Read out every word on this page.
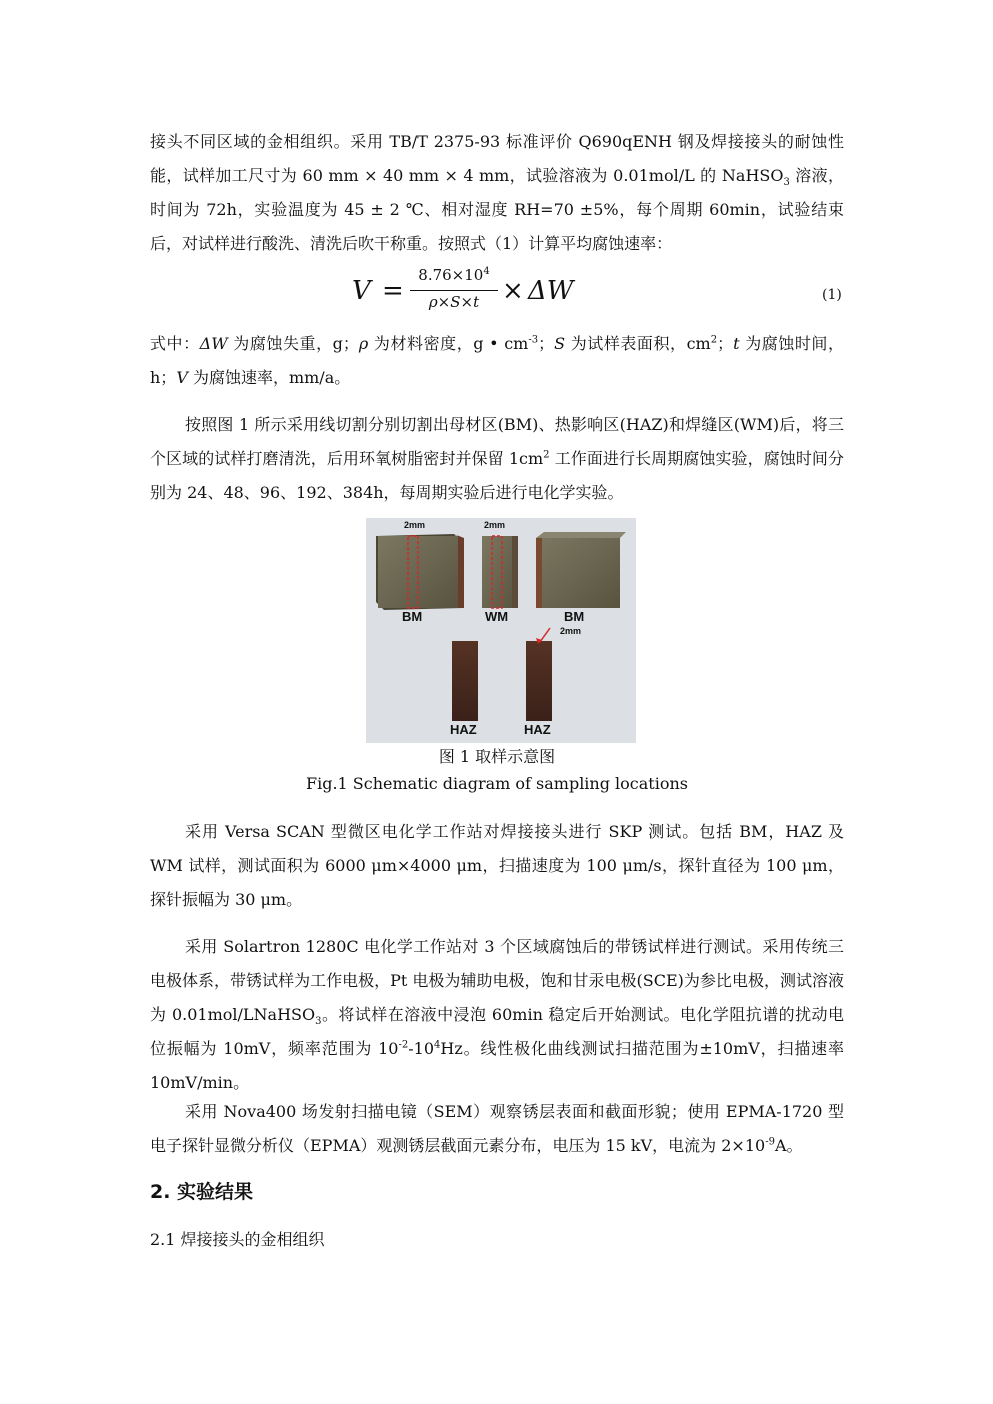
接头不同区域的金相组织。采用 TB/T 2375-93 标准评价 Q690qENH 钢及焊接接头的耐蚀性能，试样加工尺寸为 60 mm × 40 mm × 4 mm，试验溶液为 0.01mol/L 的 NaHSO$_3$ 溶液，时间为 72h，实验温度为 45 ± 2 ℃、相对湿度 RH=70 ±5%，每个周期 60min，试验结束后，对试样进行酸洗、清洗后吹干称重。按照式（1）计算平均腐蚀速率：

V =
$8.76\times 10^4$
ρ×S×t × ΔW	(1)

式中：ΔW 为腐蚀失重，g；ρ 为材料密度，g • $cm^{-3}$；S 为试样表面积，$cm^2$；t 为腐蚀时间，h；V 为腐蚀速率，mm/a。

按照图 1 所示采用线切割分别切割出母材区(BM)、热影响区(HAZ)和焊缝区(WM)后，将三个区域的试样打磨清洗，后用环氧树脂密封并保留 $1cm^2$ 工作面进行长周期腐蚀实验，腐蚀时间分别为 24、48、96、192、384h，每周期实验后进行电化学实验。

2mm	2mm
2mm
BM	WM	BM
HAZ	HAZ
图 1 取样示意图
Fig.1 Schematic diagram of sampling locations

采用 Versa SCAN 型微区电化学工作站对焊接接头进行 SKP 测试。包括 BM，HAZ 及 WM 试样，测试面积为 6000 μm×4000 μm，扫描速度为 100 μm/s，探针直径为 100 μm，探针振幅为 30 μm。

采用 Solartron 1280C 电化学工作站对 3 个区域腐蚀后的带锈试样进行测试。采用传统三电极体系，带锈试样为工作电极，Pt 电极为辅助电极，饱和甘汞电极(SCE)为参比电极，测试溶液为 0.01mol/LNaHSO$_3$。将试样在溶液中浸泡 60min 稳定后开始测试。电化学阻抗谱的扰动电位振幅为 10mV，频率范围为 $10^{-2}-10^4Hz$。线性极化曲线测试扫描范围为±10mV，扫描速率 10mV/min。

采用 Nova400 场发射扫描电镜（SEM）观察锈层表面和截面形貌；使用 EPMA-1720 型电子探针显微分析仪（EPMA）观测锈层截面元素分布，电压为 15 kV，电流为 $2\times 10^{-9}A$。

2. 实验结果
2.1 焊接接头的金相组织
